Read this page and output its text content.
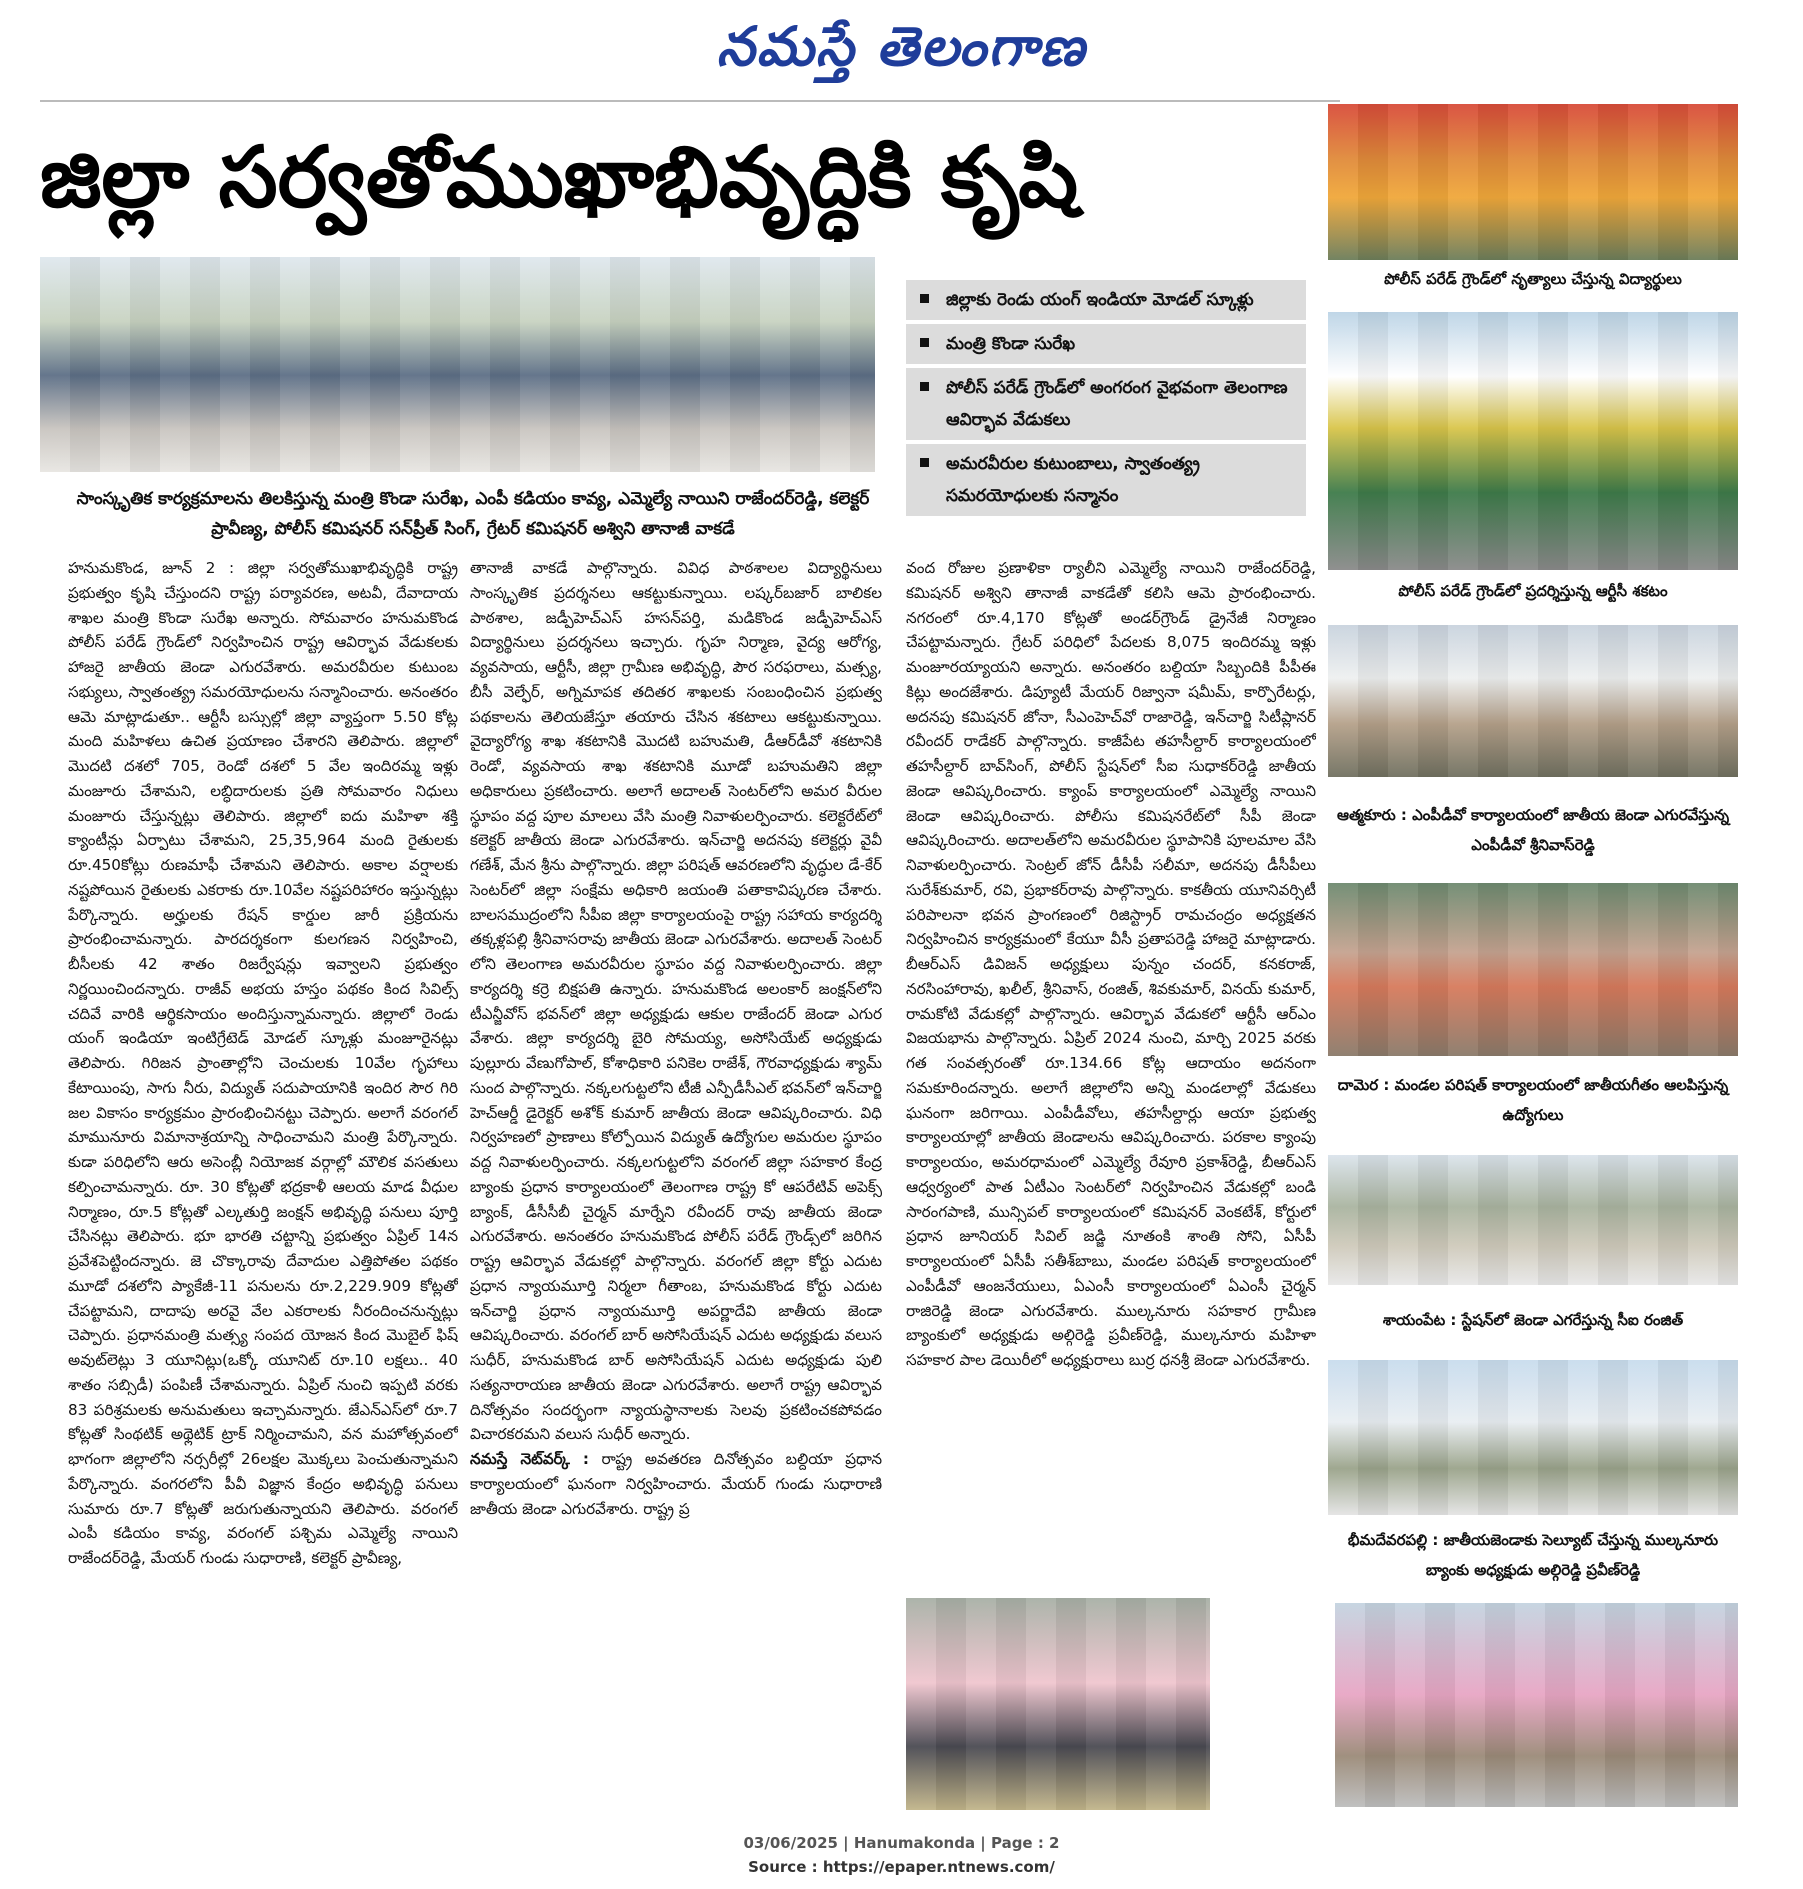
నమస్తే తెలంగాణ
జిల్లా సర్వతోముఖాభివృద్ధికి కృషి
సాంస్కృతిక కార్యక్రమాలను తిలకిస్తున్న మంత్రి కొండా సురేఖ, ఎంపీ కడియం కావ్య, ఎమ్మెల్యే నాయిని రాజేందర్‌రెడ్డి, కలెక్టర్ ప్రావీణ్య, పోలీస్ కమిషనర్ సన్‌ప్రీత్ సింగ్, గ్రేటర్ కమిషనర్ అశ్విని తానాజీ వాకడే
జిల్లాకు రెండు యంగ్ ఇండియా మోడల్ స్కూళ్లు
మంత్రి కొండా సురేఖ
పోలీస్ పరేడ్ గ్రౌండ్‌లో అంగరంగ వైభవంగా తెలంగాణ ఆవిర్భావ వేడుకలు
అమరవీరుల కుటుంబాలు, స్వాతంత్య్ర సమరయోధులకు సన్మానం

హనుమకొండ, జూన్ 2 : జిల్లా సర్వతోముఖాభివృద్ధికి రాష్ట్ర ప్రభుత్వం కృషి చేస్తుందని రాష్ట్ర పర్యావరణ, అటవీ, దేవాదాయ శాఖల మంత్రి కొండా సురేఖ అన్నారు. సోమవారం హనుమకొండ పోలీస్ పరేడ్ గ్రౌండ్‌లో నిర్వహించిన రాష్ట్ర ఆవిర్భావ వేడుకలకు హాజరై జాతీయ జెండా ఎగురవేశారు. అమరవీరుల కుటుంబ సభ్యులు, స్వాతంత్య్ర సమరయోధులను సన్మానించారు. అనంతరం ఆమె మాట్లాడుతూ.. ఆర్టీసీ బస్సుల్లో జిల్లా వ్యాప్తంగా 5.50 కోట్ల మంది మహిళలు ఉచిత ప్రయాణం చేశారని తెలిపారు. జిల్లాలో మొదటి దశలో 705, రెండో దశలో 5 వేల ఇందిరమ్మ ఇళ్లు మంజూరు చేశామని, లబ్ధిదారులకు ప్రతి సోమవారం నిధులు మంజూరు చేస్తున్నట్లు తెలిపారు. జిల్లాలో ఐదు మహిళా శక్తి క్యాంటీన్లు ఏర్పాటు చేశామని, 25,35,964 మంది రైతులకు రూ.450కోట్లు రుణమాఫీ చేశామని తెలిపారు. అకాల వర్షాలకు నష్టపోయిన రైతులకు ఎకరాకు రూ.10వేల నష్టపరిహారం ఇస్తున్నట్లు పేర్కొన్నారు. అర్హులకు రేషన్ కార్డుల జారీ ప్రక్రియను ప్రారంభించామన్నారు. పారదర్శకంగా కులగణన నిర్వహించి, బీసీలకు 42 శాతం రిజర్వేషన్లు ఇవ్వాలని ప్రభుత్వం నిర్ణయించిందన్నారు. రాజీవ్ అభయ హస్తం పథకం కింద సివిల్స్ చదివే వారికి ఆర్థికసాయం అందిస్తున్నామన్నారు. జిల్లాలో రెండు యంగ్ ఇండియా ఇంటిగ్రేటెడ్ మోడల్ స్కూళ్లు మంజూరైనట్లు తెలిపారు. గిరిజన ప్రాంతాల్లోని చెంచులకు 10వేల గృహాలు కేటాయింపు, సాగు నీరు, విద్యుత్ సదుపాయానికి ఇందిర సౌర గిరి జల వికాసం కార్యక్రమం ప్రారంభించినట్టు చెప్పారు. అలాగే వరంగల్ మామునూరు విమానాశ్రయాన్ని సాధించామని మంత్రి పేర్కొన్నారు. కుడా పరిధిలోని ఆరు అసెంబ్లీ నియోజక వర్గాల్లో మౌలిక వసతులు కల్పించామన్నారు. రూ. 30 కోట్లతో భద్రకాళీ ఆలయ మాడ వీధుల నిర్మాణం, రూ.5 కోట్లతో ఎల్కతుర్తి జంక్షన్ అభివృద్ధి పనులు పూర్తి చేసినట్లు తెలిపారు. భూ భారతి చట్టాన్ని ప్రభుత్వం ఏప్రిల్ 14న ప్రవేశపెట్టిందన్నారు. జె చొక్కారావు దేవాదుల ఎత్తిపోతల పథకం మూడో దశలోని ప్యాకేజీ-11 పనులను రూ.2,229.909 కోట్లతో చేపట్టామని, దాదాపు అరవై వేల ఎకరాలకు నీరందించనున్నట్లు చెప్పారు. ప్రధానమంత్రి మత్స్య సంపద యోజన కింద మొబైల్ ఫిష్ అవుట్‌లెట్లు 3 యూనిట్లు(ఒక్కో యూనిట్ రూ.10 లక్షలు.. 40 శాతం సబ్సిడీ) పంపిణీ చేశామన్నారు. ఏప్రిల్ నుంచి ఇప్పటి వరకు 83 పరిశ్రమలకు అనుమతులు ఇచ్చామన్నారు. జేఎన్ఎస్‌లో రూ.7 కోట్లతో సింథటిక్ అథ్లెటిక్ ట్రాక్ నిర్మించామని, వన మహోత్సవంలో భాగంగా జిల్లాలోని నర్సరీల్లో 26లక్షల మొక్కలు పెంచుతున్నామని పేర్కొన్నారు. వంగరలోని పీవీ విజ్ఞాన కేంద్రం అభివృద్ధి పనులు సుమారు రూ.7 కోట్లతో జరుగుతున్నాయని తెలిపారు. వరంగల్ ఎంపీ కడియం కావ్య, వరంగల్ పశ్చిమ ఎమ్మెల్యే నాయిని రాజేందర్‌రెడ్డి, మేయర్ గుండు సుధారాణి, కలెక్టర్ ప్రావీణ్య,

తానాజీ వాకడే పాల్గొన్నారు. వివిధ పాఠశాలల విద్యార్థినులు సాంస్కృతిక ప్రదర్శనలు ఆకట్టుకున్నాయి. లష్కర్‌బజార్ బాలికల పాఠశాల, జడ్పీహెచ్‌ఎస్ హసన్‌పర్తి, మడికొండ జడ్పీహెచ్‌ఎస్ విద్యార్థినులు ప్రదర్శనలు ఇచ్చారు. గృహ నిర్మాణ, వైద్య ఆరోగ్య, వ్యవసాయ, ఆర్టీసీ, జిల్లా గ్రామీణ అభివృద్ధి, పౌర సరఫరాలు, మత్స్య, బీసీ వెల్ఫేర్, అగ్నిమాపక తదితర శాఖలకు సంబంధించిన ప్రభుత్వ పథకాలను తెలియజేస్తూ తయారు చేసిన శకటాలు ఆకట్టుకున్నాయి. వైద్యారోగ్య శాఖ శకటానికి మొదటి బహుమతి, డీఆర్‌డీవో శకటానికి రెండో, వ్యవసాయ శాఖ శకటానికి మూడో బహుమతిని జిల్లా అధికారులు ప్రకటించారు. అలాగే అదాలత్ సెంటర్‌లోని అమర వీరుల స్థూపం వద్ద పూల మాలలు వేసి మంత్రి నివాళులర్పించారు. కలెక్టరేట్‌లో కలెక్టర్ జాతీయ జెండా ఎగురవేశారు. ఇన్‌చార్జి అదనపు కలెక్టర్లు వైవీ గణేశ్, మేన శ్రీను పాల్గొన్నారు. జిల్లా పరిషత్ ఆవరణలోని వృద్ధుల డే-కేర్ సెంటర్‌లో జిల్లా సంక్షేమ అధికారి జయంతి పతాకావిష్కరణ చేశారు. బాలసముద్రంలోని సీపీఐ జిల్లా కార్యాలయంపై రాష్ట్ర సహాయ కార్యదర్శి తక్కళ్లపల్లి శ్రీనివాసరావు జాతీయ జెండా ఎగురవేశారు. అదాలత్ సెంటర్ లోని తెలంగాణ అమరవీరుల స్థూపం వద్ద నివాళులర్పించారు. జిల్లా కార్యదర్శి కర్రె బిక్షపతి ఉన్నారు. హనుమకొండ అలంకార్ జంక్షన్‌లోని టీఎన్జీవోస్ భవన్‌లో జిల్లా అధ్యక్షుడు ఆకుల రాజేందర్ జెండా ఎగుర వేశారు. జిల్లా కార్యదర్శి బైరి సోమయ్య, అసోసియేట్ అధ్యక్షుడు పుల్లూరు వేణుగోపాల్, కోశాధికారి పనికెల రాజేశ్, గౌరవాధ్యక్షుడు శ్యామ్ సుంద పాల్గొన్నారు. నక్కలగుట్టలోని టీజీ ఎన్పీడీసీఎల్ భవన్‌లో ఇన్‌చార్జి హెచ్ఆర్డీ డైరెక్టర్ అశోక్ కుమార్ జాతీయ జెండా ఆవిష్కరించారు. విధి నిర్వహణలో ప్రాణాలు కోల్పోయిన విద్యుత్ ఉద్యోగుల అమరుల స్థూపం వద్ద నివాళులర్పించారు. నక్కలగుట్టలోని వరంగల్ జిల్లా సహకార కేంద్ర బ్యాంకు ప్రధాన కార్యాలయంలో తెలంగాణ రాష్ట్ర కో ఆపరేటివ్ అపెక్స్ బ్యాంక్, డీసీసీబీ చైర్మన్ మార్నేని రవీందర్ రావు జాతీయ జెండా ఎగురవేశారు. అనంతరం హనుమకొండ పోలీస్ పరేడ్ గ్రౌండ్స్‌లో జరిగిన రాష్ట్ర ఆవిర్భావ వేడుకల్లో పాల్గొన్నారు. వరంగల్ జిల్లా కోర్టు ఎదుట ప్రధాన న్యాయమూర్తి నిర్మలా గీతాంబ, హనుమకొండ కోర్టు ఎదుట ఇన్‌చార్జి ప్రధాన న్యాయమూర్తి అపర్ణాదేవి జాతీయ జెండా ఆవిష్కరించారు. వరంగల్ బార్ అసోసియేషన్ ఎదుట అధ్యక్షుడు వలుస సుధీర్, హనుమకొండ బార్ అసోసియేషన్ ఎదుట అధ్యక్షుడు పులి సత్యనారాయణ జాతీయ జెండా ఎగురవేశారు. అలాగే రాష్ట్ర ఆవిర్భావ దినోత్సవం సందర్భంగా న్యాయస్థానాలకు సెలవు ప్రకటించకపోవడం విచారకరమని వలుస సుధీర్ అన్నారు.

నమస్తే నెట్‌వర్క్ : రాష్ట్ర అవతరణ దినోత్సవం బల్దియా ప్రధాన కార్యాలయంలో ఘనంగా నిర్వహించారు. మేయర్ గుండు సుధారాణి జాతీయ జెండా ఎగురవేశారు. రాష్ట్ర ప్ర

వంద రోజుల ప్రణాళికా ర్యాలీని ఎమ్మెల్యే నాయిని రాజేందర్‌రెడ్డి, కమిషనర్ అశ్విని తానాజీ వాకడేతో కలిసి ఆమె ప్రారంభించారు. నగరంలో రూ.4,170 కోట్లతో అండర్‌గ్రౌండ్ డ్రైనేజీ నిర్మాణం చేపట్టామన్నారు. గ్రేటర్ పరిధిలో పేదలకు 8,075 ఇందిరమ్మ ఇళ్లు మంజూరయ్యాయని అన్నారు. అనంతరం బల్దియా సిబ్బందికి పీపీఈ కిట్లు అందజేశారు. డిప్యూటీ మేయర్ రిజ్వానా షమీమ్, కార్పొరేటర్లు, అదనపు కమిషనర్ జోనా, సీఎంహెచ్‌వో రాజారెడ్డి, ఇన్‌చార్జి సిటీప్లానర్ రవీందర్ రాడేకర్ పాల్గొన్నారు. కాజీపేట తహసీల్దార్ కార్యాలయంలో తహసీల్దార్ బావ్‌సింగ్, పోలీస్ స్టేషన్‌లో సీఐ సుధాకర్‌రెడ్డి జాతీయ జెండా ఆవిష్కరించారు. క్యాంప్ కార్యాలయంలో ఎమ్మెల్యే నాయిని జెండా ఆవిష్కరించారు. పోలీసు కమిషనరేట్‌లో సీపీ జెండా ఆవిష్కరించారు. అదాలత్‌లోని అమరవీరుల స్థూపానికి పూలమాల వేసి నివాళులర్పించారు. సెంట్రల్ జోన్ డీసీపీ సలీమా, అదనపు డీసీపీలు సురేశ్‌కుమార్, రవి, ప్రభాకర్‌రావు పాల్గొన్నారు. కాకతీయ యూనివర్సిటీ పరిపాలనా భవన ప్రాంగణంలో రిజిస్ట్రార్ రామచంద్రం అధ్యక్షతన నిర్వహించిన కార్యక్రమంలో కేయూ వీసీ ప్రతాపరెడ్డి హాజరై మాట్లాడారు. బీఆర్‌ఎస్ డివిజన్ అధ్యక్షులు పున్నం చందర్, కనకరాజ్, నరసింహారావు, ఖలీల్, శ్రీనివాస్, రంజిత్, శివకుమార్, వినయ్ కుమార్, రామకోటి వేడుకల్లో పాల్గొన్నారు. ఆవిర్భావ వేడుకలో ఆర్టీసీ ఆర్ఎం విజయభాను పాల్గొన్నారు. ఏప్రిల్ 2024 నుంచి, మార్చి 2025 వరకు గత సంవత్సరంతో రూ.134.66 కోట్ల ఆదాయం అదనంగా సమకూరిందన్నారు. అలాగే జిల్లాలోని అన్ని మండలాల్లో వేడుకలు ఘనంగా జరిగాయి. ఎంపీడీవోలు, తహసీల్దార్లు ఆయా ప్రభుత్వ కార్యాలయాల్లో జాతీయ జెండాలను ఆవిష్కరించారు. పరకాల క్యాంపు కార్యాలయం, అమరధామంలో ఎమ్మెల్యే రేవూరి ప్రకాశ్‌రెడ్డి, బీఆర్‌ఎస్ ఆధ్వర్యంలో పాత ఏటీఎం సెంటర్‌లో నిర్వహించిన వేడుకల్లో బండి సారంగపాణి, మున్సిపల్ కార్యాలయంలో కమిషనర్ వెంకటేశ్, కోర్టులో ప్రధాన జూనియర్ సివిల్ జడ్జి నూతంకి శాంతి సోని, ఏసీపీ కార్యాలయంలో ఏసీపీ సతీశ్‌బాబు, మండల పరిషత్ కార్యాలయంలో ఎంపీడీవో ఆంజనేయులు, ఏఎంసీ కార్యాలయంలో ఏఎంసీ చైర్మన్ రాజిరెడ్డి జెండా ఎగురవేశారు. ముల్కనూరు సహకార గ్రామీణ బ్యాంకులో అధ్యక్షుడు అల్గిరెడ్డి ప్రవీణ్‌రెడ్డి, ముల్కనూరు మహిళా సహకార పాల డెయిరీలో అధ్యక్షురాలు బుర్ర ధనశ్రీ జెండా ఎగురవేశారు.

పోలీస్ పరేడ్ గ్రౌండ్‌లో నృత్యాలు చేస్తున్న విద్యార్థులు
పోలీస్ పరేడ్ గ్రౌండ్‌లో ప్రదర్శిస్తున్న ఆర్టీసీ శకటం
ఆత్మకూరు : ఎంపీడీవో కార్యాలయంలో జాతీయ జెండా ఎగురవేస్తున్న ఎంపీడీవో శ్రీనివాస్‌రెడ్డి
దామెర : మండల పరిషత్ కార్యాలయంలో జాతీయగీతం ఆలపిస్తున్న ఉద్యోగులు
శాయంపేట : స్టేషన్‌లో జెండా ఎగరేస్తున్న సీఐ రంజిత్
భీమదేవరపల్లి : జాతీయజెండాకు సెల్యూట్ చేస్తున్న ముల్కనూరు బ్యాంకు అధ్యక్షుడు అల్గిరెడ్డి ప్రవీణ్‌రెడ్డి
03/06/2025 | Hanumakonda | Page : 2
Source : https://epaper.ntnews.com/
